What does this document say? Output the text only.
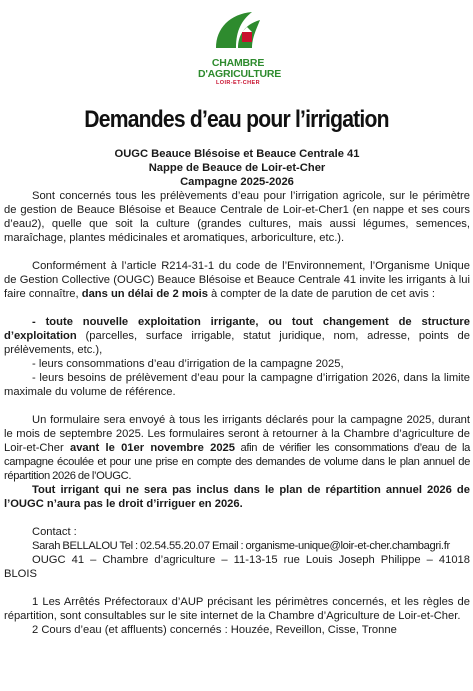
CHAMBRE
D'AGRICULTURE
LOIR-ET-CHER
Demandes d’eau pour l’irrigation

OUGC Beauce Blésoise et Beauce Centrale 41

Nappe de Beauce de Loir-et-Cher

Campagne 2025-2026

Sont concernés tous les prélèvements d’eau pour l’irrigation agricole, sur le périmètre de gestion de Beauce Blésoise et Beauce Centrale de Loir-et-Cher1 (en nappe et ses cours d’eau2), quelle que soit la culture (grandes cultures, mais aussi légumes, semences, maraîchage, plantes médicinales et aromatiques, arboriculture, etc.).

Conformément à l’article R214-31-1 du code de l’Environnement, l’Organisme Unique de Gestion Collective (OUGC) Beauce Blésoise et Beauce Centrale 41 invite les irrigants à lui faire connaître, dans un délai de 2 mois à compter de la date de parution de cet avis :

- toute nouvelle exploitation irrigante, ou tout changement de structure d’exploitation (parcelles, surface irrigable, statut juridique, nom, adresse, points de prélèvements, etc.),

- leurs consommations d’eau d’irrigation de la campagne 2025,

- leurs besoins de prélèvement d’eau pour la campagne d’irrigation 2026, dans la limite maximale du volume de référence.

Un formulaire sera envoyé à tous les irrigants déclarés pour la campagne 2025, durant le mois de septembre 2025. Les formulaires seront à retourner à la Chambre d’agriculture de Loir-et-Cher avant le 01er novembre 2025 afin de vérifier les consommations d’eau de la campagne écoulée et pour une prise en compte des demandes de volume dans le plan annuel de répartition 2026 de l’OUGC.

Tout irrigant qui ne sera pas inclus dans le plan de répartition annuel 2026 de l’OUGC n’aura pas le droit d’irriguer en 2026.

Contact :

Sarah BELLALOU Tel : 02.54.55.20.07 Email : organisme-unique@loir-et-cher.chambagri.fr

OUGC 41 – Chambre d’agriculture – 11-13-15 rue Louis Joseph Philippe – 41018 BLOIS

1 Les Arrêtés Préfectoraux d’AUP précisant les périmètres concernés, et les règles de répartition, sont consultables sur le site internet de la Chambre d’Agriculture de Loir-et-Cher.

2 Cours d’eau (et affluents) concernés : Houzée, Reveillon, Cisse, Tronne
